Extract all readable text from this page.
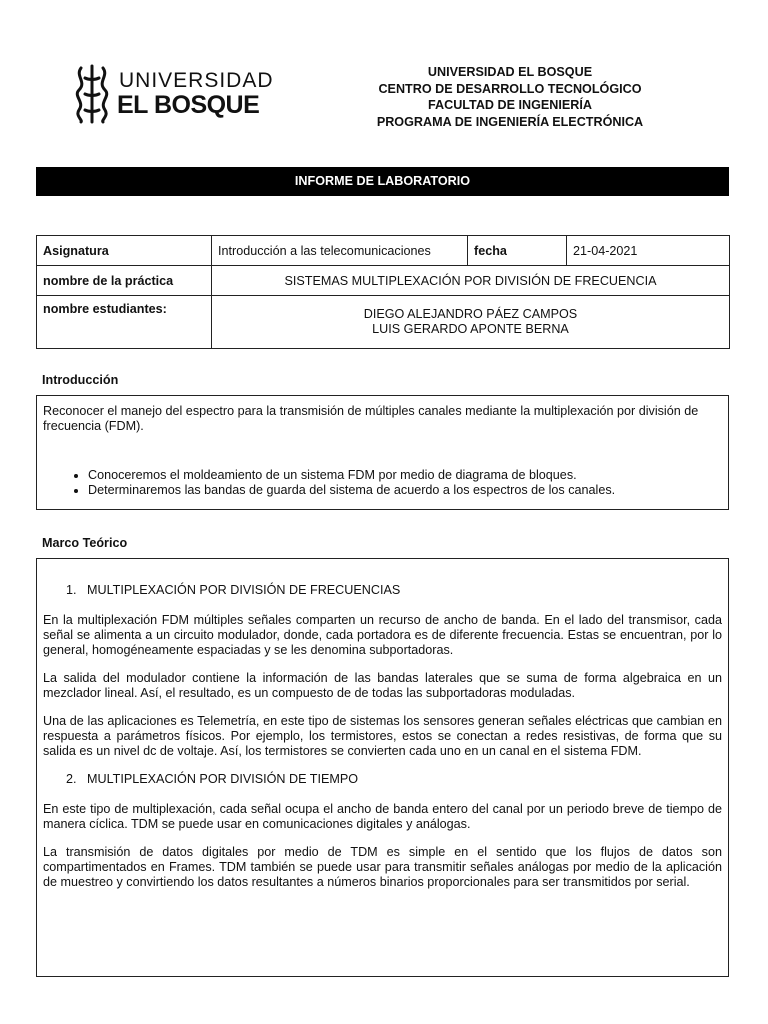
UNIVERSIDAD
EL BOSQUE
UNIVERSIDAD EL BOSQUE
CENTRO DE DESARROLLO TECNOLÓGICO
FACULTAD DE INGENIERÍA
PROGRAMA DE INGENIERÍA ELECTRÓNICA
INFORME DE LABORATORIO
Asignatura	Introducción a las telecomunicaciones	fecha	21-04-2021
nombre de la práctica	SISTEMAS MULTIPLEXACIÓN POR DIVISIÓN DE FRECUENCIA		
nombre estudiantes:	DIEGO ALEJANDRO PÁEZ CAMPOS
LUIS GERARDO APONTE BERNA		
Introducción

Reconocer el manejo del espectro para la transmisión de múltiples canales mediante la multiplexación por división de frecuencia (FDM).

• Conoceremos el moldeamiento de un sistema FDM por medio de diagrama de bloques.
• Determinaremos las bandas de guarda del sistema de acuerdo a los espectros de los canales.
Marco Teórico
1.   MULTIPLEXACIÓN POR DIVISIÓN DE FRECUENCIAS

En la multiplexación FDM múltiples señales comparten un recurso de ancho de banda. En el lado del transmisor, cada señal se alimenta a un circuito modulador, donde, cada portadora es de diferente frecuencia. Estas se encuentran, por lo general, homogéneamente espaciadas y se les denomina subportadoras.

La salida del modulador contiene la información de las bandas laterales que se suma de forma algebraica en un mezclador lineal. Así, el resultado, es un compuesto de de todas las subportadoras moduladas.

Una de las aplicaciones es Telemetría, en este tipo de sistemas los sensores generan señales eléctricas que cambian en respuesta a parámetros físicos. Por ejemplo, los termistores, estos se conectan a redes resistivas, de forma que su salida es un nivel dc de voltaje. Así, los termistores se convierten cada uno en un canal en el sistema FDM.

2.   MULTIPLEXACIÓN POR DIVISIÓN DE TIEMPO

En este tipo de multiplexación, cada señal ocupa el ancho de banda entero del canal por un periodo breve de tiempo de manera cíclica. TDM se puede usar en comunicaciones digitales y análogas.

La transmisión de datos digitales por medio de TDM es simple en el sentido que los flujos de datos son compartimentados en Frames. TDM también se puede usar para transmitir señales análogas por medio de la aplicación de muestreo y convirtiendo los datos resultantes a números binarios proporcionales para ser transmitidos por serial.
